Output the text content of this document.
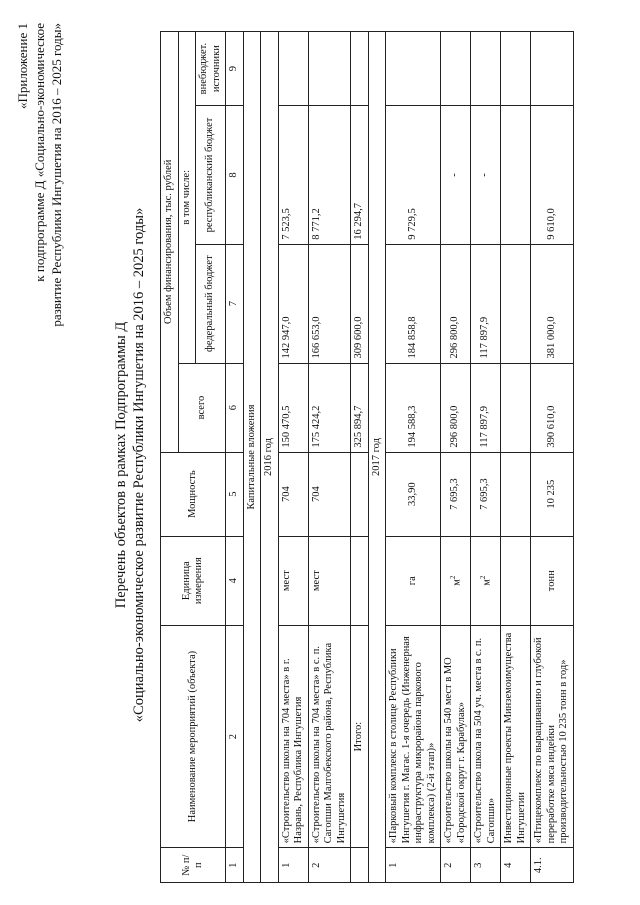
«Приложение 1 к подпрограмме Д «Социально-экономическое развитие Республики Ингушетия на 2016 – 2025 годы»
Перечень объектов в рамках Подпрограммы Д «Социально-экономическое развитие Республики Ингушетия на 2016 – 2025 годы»
№ п/п	Наименование мероприятий (объекта)	Единица измерения	Мощность	Объем финансирования, тыс. рублей			
				всего	в том числе:		
					федеральный бюджет	республиканский бюджет	внебюджет. источники
1	2	4	5	6	7	8	9
Капитальные вложения							
2016 год							
1	«Строительство школы на 704 места» в г. Назрань, Республика Ингушетия	мест	704	150 470,5	142 947,0	7 523,5	
2	«Строительство школы на 704 места» в с. п. Сагопши Малгобекского района, Республика Ингушетия	мест	704	175 424,2	166 653,0	8 771,2	
	Итого:			325 894,7	309 600,0	16 294,7	
2017 год							
1	«Парковый комплекс в столице Республики Ингушетия г. Магас. 1-я очередь (Инженерная инфраструктура микрорайона паркового комплекса) (2-й этап)»	га	33,90	194 588,3	184 858,8	9 729,5	
2	«Строительство школы на 540 мест в МО «Городской округ г. Карабулак»	$м^2$	7 695,3	296 800,0	296 800,0	-	
3	«Строительство школа на 504 уч. места в с. п. Сагопши»	$м^2$	7 695,3	117 897,9	117 897,9	-	
4	Инвестиционные проекты Минземоимущества Ингушетии						
4.1.	«Птицекомплекс по выращиванию и глубокой переработке мяса индейки производительностью 10 235 тонн в год»	тонн	10 235	390 610,0	381 000,0	9 610,0	
